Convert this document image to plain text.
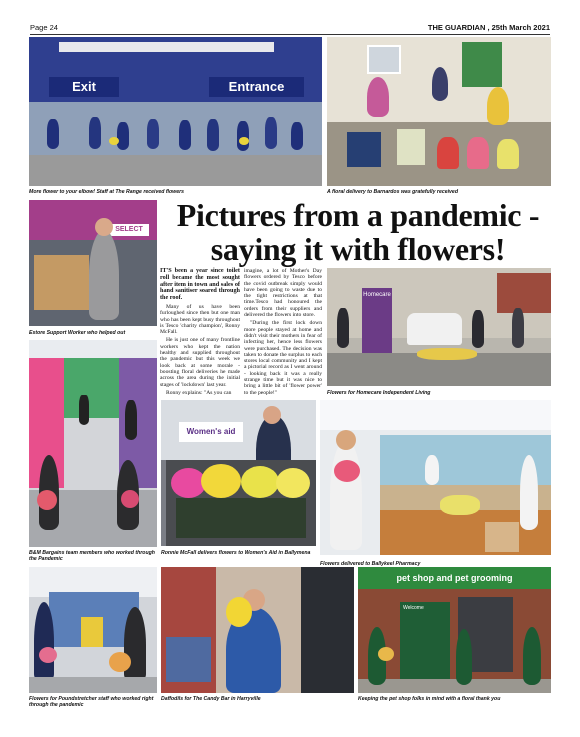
Page 24	THE GUARDIAN , 25th March 2021
Exit	Entrance
More flower to your elbow! Staff at The Range received flowers	A floral delivery to Barnardos was gratefully received
SELECT
Estore Support Worker who helped out
Pictures from a pandemic - saying it with flowers!

IT'S been a year since toilet roll became the most sought after item in town and sales of hand sanitiser soared through the roof.

Many of us have been furloughed since then but one man who has been kept busy throughout is Tesco 'charity champion', Ronny McFall.

He is just one of many frontline workers who kept the nation healthy and supplied throughout the pandemic but this week we look back at some morale - boosting floral deliveries he made across the area during the initial stages of 'lockdown' last year.

Ronny explains: "As you can

imagine, a lot of Mother's Day flowers ordered by Tesco before the covid outbreak simply would have been going to waste due to the tight restrictions at that time.Tesco had honoured the orders from their suppliers and delivered the flowers into store.

"During the first lock down more people stayed at home and didn't visit their mothers in fear of infecting her, hence less flowers were purchased. The decision was taken to donate the surplus to each stores local community and I kept a pictorial record as I went around - looking back it was a really strange time but it was nice to bring a little bit of 'flower power' to the people!"

Homecare
Flowers for Homecare Independent Living
B&M Bargains team members who worked through the Pandemic
Women's aid
Ronnie McFall delivers flowers to Women's Aid in Ballymena
Flowers delivered to Ballykeel Pharmacy
Flowers for Poundstretcher staff who worked right through the pandemic
Daffodils for The Candy Bar in Harryville
pet shop and pet grooming
Welcome
Keeping the pet shop folks in mind with a floral thank you
